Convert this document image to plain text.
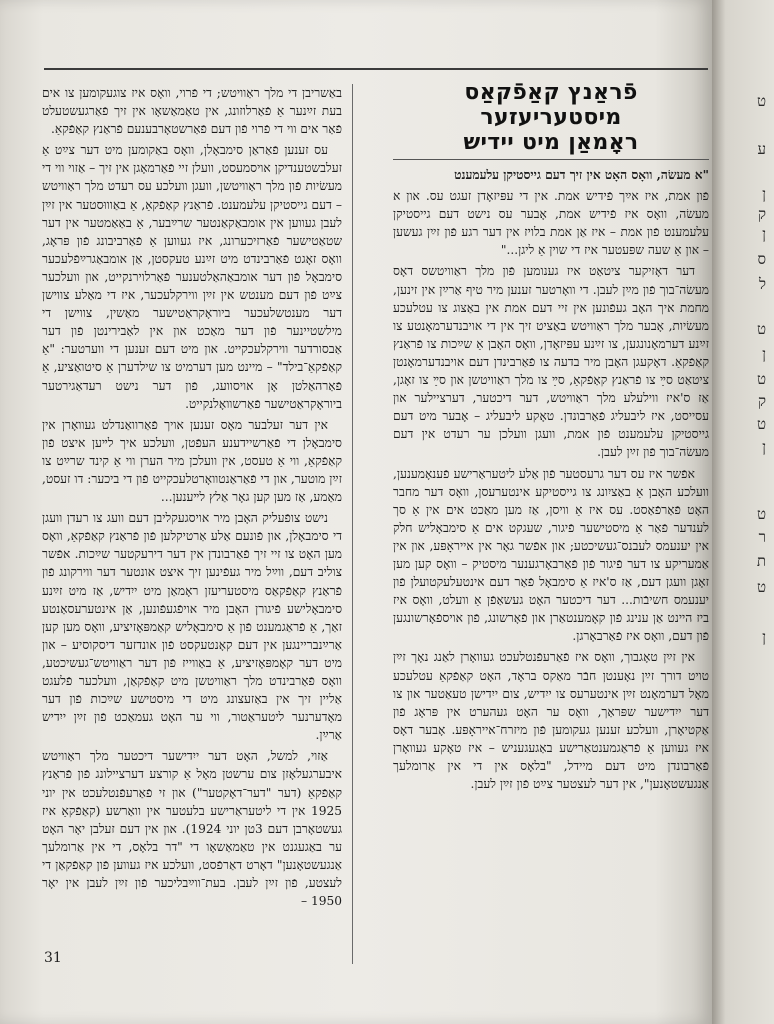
פֿראַנץ קאַפֿקאַס מיסטעריעזער
ראָמאַן מיט יידיש

"א מעשׂה, וואָס האָט אין זיך דעם גייסטיקן עלעמענט

פֿון אמת, איז אײַך פֿידיש אמת. אין די עפּיזאָדן זעגט עס. און א מעשׂה, וואָס איז פֿידיש אמת, אָבער עס נישט דעם גייסטיקן עלעמענט פֿון אמת – איז אַן אמת בלויז אין דער רגע פֿון זײַן געשען – און אַ שעה שפּעטער איז די שוין אַ ליגן..."

דער דאָזיקער ציטאַט איז גענומען פֿון מלך ראַוויטשס דאָס מעשׂה־בוך פֿון מײַן לעבן. די וואָרטער זענען מיר טיף אַרײַן אין זינען, מחמת איך האָב געפֿונען אין זיי דעם אמת אין באַצוג צו עטלעכע מעשׂיות, אָבער מלך ראַוויטש באַציט זיך אין די אויבנדערמאָנטע צו זײַנע דערמאָנונגען, צו זײַנע עפּיזאָדן, וואָס האָבן אַ שײַכות צו פֿראַנץ קאַפֿקאַ. דאָקעגן האָבן מיר בדעה צו פֿאַרבינדן דעם אויבנדערמאָנטן ציטאַט סײַ צו פֿראַנץ קאַפֿקאַ, סײַ צו מלך ראַוויטשן און סײַ צו זאָגן, אַז ס'איז ווילעלע מלך ראַוויטש, דער דיכטער, דערציילער און עסייסט, איז ליבעליג פֿאַרבונדן. טאָקע ליבעליג – אָבער מיט דעם גייסטיקן עלעמענט פֿון אמת, וועגן וועלכן ער רעדט אין דעם מעשׂה־בוך פֿון זײַן לעבן.

אפֿשר איז עס דער גרעסטער פֿון אַלע ליטעראַרישע פֿענאָמענען, וועלכע האָבן אַ באַציִונג צו גייסטיקע אינטערעסן, וואָס דער מחבר האָט פֿאַרפֿאַסט. עס איז אַ וויסן, אַז מען מאַכט אים אין אַ סך לענדער פֿאַר אַ מיסטישער פֿיגור, שעגקט אים אַ סימבאָליש חלק אין יענעמס לעבנס־געשיכטע; און אפֿשר גאָר אין אייראָפּע, און אין אַמעריקע צו דער פֿיגור פֿון פֿאַרבאָרגענער מיסטיק – וואָס קען מען זאָגן וועגן דעם, אַז ס'איז אַ סימבאָל פֿאַר דעם אינטעלעקטועלן פֿון יענעמס חשיבֿות... דער דיכטער האָט געשאַפֿן אַ וועלט, וואָס איז ביז היינט אַן ענינג פֿון קאָמענטאַרן און פֿאָרשונג, פֿון אויספֿאָרשונגען פֿון דעם, וואָס איז פֿאַרבאָרגן.

אין זײַן טאָגבוך, וואָס איז פֿאַרעפֿנטלעכט געוואָרן לאַנג נאָך זײַן טויט דורך זײַן נאָענטן חבֿר מאַקס בראָד, האָט קאַפֿקאַ עטלעכע מאָל דערמאָנט זײַן אינטערעס צו ייִדיש, צום ייִדישן טעאַטער און צו דער ייִדישער שפּראַך, וואָס ער האָט געהערט אין פּראָג פֿון אַקטיאָרן, וועלכע זענען געקומען פֿון מיזרח־אייראָפּע. אָבער דאָס איז געווען אַ פֿראַגמענטאַרישע באַגעגעניש – איז טאָקע געוואָרן פֿאַרבונדן מיט דעם מיידל, "בלאָס אין די אין אַרומלעך אַנגעשטאָנען", אין דער לעצטער צײַט פֿון זײַן לעבן.

באַשריבן די מלך ראַוויטש; די פֿרוי, וואָס איז צוגעקומען צו אים בעת זײַנער אַ פֿאַרלוזונג, אין טאַמאַשאָו אין זיך פֿאַרגעשטעלט פֿאַר אים ווי די פֿרוי פֿון דעם פֿאַרשטאָרבענעם פֿראַנץ קאַפֿקאַ.

עס זענען פֿאַראַן סימבאָלן, וואָס באַקומען מיט דער צײַט אַ זעלבשטענדיקן אויסמעסט, וועלן זיי פֿאַרמאָגן אין זיך – אַזוי ווי די מעשׂיות פֿון מלך ראַוויטשן, וועגן וועלכע עס רעדט מלך ראַוויטש – דעם גייסטיקן עלעמענט. פֿראַנץ קאַפֿקאַ, אַ באַוווּסטער אין זײַן לעבן געווען אין אומבאַקאַנטער שרײַבער, אַ באַאַמטער אין דער שטאַטישער פֿאַרזיכערונג, איז געווען אַ פֿאַרביבונג פֿון פּראָג, וואָס זאָגט פֿאַרבינדט מיט זײַנע טעקסטן, אַן אומבאַגרײַפֿלעכער סימבאָל פֿון דער אומבאַהאַלטענער פֿאַרלוירנקייט, און וועלכער צײַט פֿון דעם מענטש אין זײַן ווירקלעכער, איז די מאַלע צווישן דער מענטשלעכער ביוראָקראַטישער מאַשין, צווישן די מילשטיינער פֿון דער מאַכט און אין לאַבירינטן פֿון דער אַבסורדער ווירקלעכקייט. און מיט דעם זענען די ווערטער: "אַ קאַפֿקאַ־בילד" – מיינט מען דערמיט צו שילדערן אַ סיטואַציע, אַ פֿאַרהאַלטן אָן אויסוועג, פֿון דער נישט רעדאַגירטער ביוראָקראַטישער פֿאַרשוואָלנקייט.

אין דער זעלבער מאָס זענען אויך פֿאַרוואַנדלט געוואָרן אין סימבאָלן די פֿאַרשיידענע העפֿטן, וועלכע איך לײען איצט פֿון קאַפֿקאַ, ווי אַ טעסט, אין וועלכן מיר הערן ווי אַ קינד שרײַט צו זײַן מוטער, און די פֿאַראַנטוואָרטלעכקייט פֿון די ביכער: דו זעסט, מאַמע, אַז מען קען גאָר אַלץ לײענען...

נישט צופֿעליק האָבן מיר אויסגעקליבן דעם וועג צו רעדן וועגן די סימבאָלן, און פֿונעם אַלע אַרטיקלען פֿון פֿראַנץ קאַפֿקאַ, וואָס מען האָט צו זיי זיך פֿאַרבונדן אין דער דירעקטער שײַכות. אפֿשר צוליב דעם, ווײַל מיר געפֿינען זיך איצט אונטער דער ווירקונג פֿון פֿראַנץ קאַפֿקאַס מיסטעריעזן ראָמאַן מיט ייִדיש, אַז מיט זײַנע סימבאָלישע פֿיגורן האָבן מיר אויפֿגעפֿונען, אַן אינטערעסאַנטע זאַך, אַ פֿראַגמענט פֿון אַ סימבאָליש קאַמפּאָזיציע, וואָס מען קען אַרײַנבריינגען אין דעם קאָנטעקסט פֿון אונדזער דיסקוסיע – און מיט דער קאָמפּאָזיציע, אַ באַווייז פֿון דער ראַוויטש־געשיכטע, וואָס פֿאַרבינדט מלך ראַוויטשן מיט קאַפֿקאַן, וועלכער פֿלעגט אַליין זיך אין באַזעצונג מיט די מיסטישע שײַכות פֿון דער מאָדערנער ליטעראַטור, ווי ער האָט געמאַכט פֿון זײַן ייִדיש אַרײַן.

אַזוי, למשל, האָט דער ייִדישער דיכטער מלך ראַוויטש איבערגעלאָזן צום ערשטן מאָל אַ קורצע דערציילונג פֿון פֿראַנץ קאַפֿקאַ (דער "דער־דאָקטער") און זי פֿאַרעפֿנטלעכט אין יוני 1925 אין די ליטעראַרישע בלעטער אין וואַרשע (קאַפֿקאַ איז געשטאָרבן דעם 3טן יוני 1924). און אין דעם זעלבן יאָר האָט ער באַגעגנט אין טאַמאַשאָו די "דר בלאָס, די אין אַרומלעך אַנגעשטאָנען" דאָרט דאַרפֿסט, וועלכע איז געווען פֿון קאַפֿקאַן די לעצטע, פֿון זײַן לעבן. בעת־ווײַבליכער פֿון זײַן לעבן אין יאָר 1950 –

31
ט
ע
ן
ק
ן
ס
ל
ט
ן
ט
ק
ט
ן
ט
ר
ת
ט
ן
